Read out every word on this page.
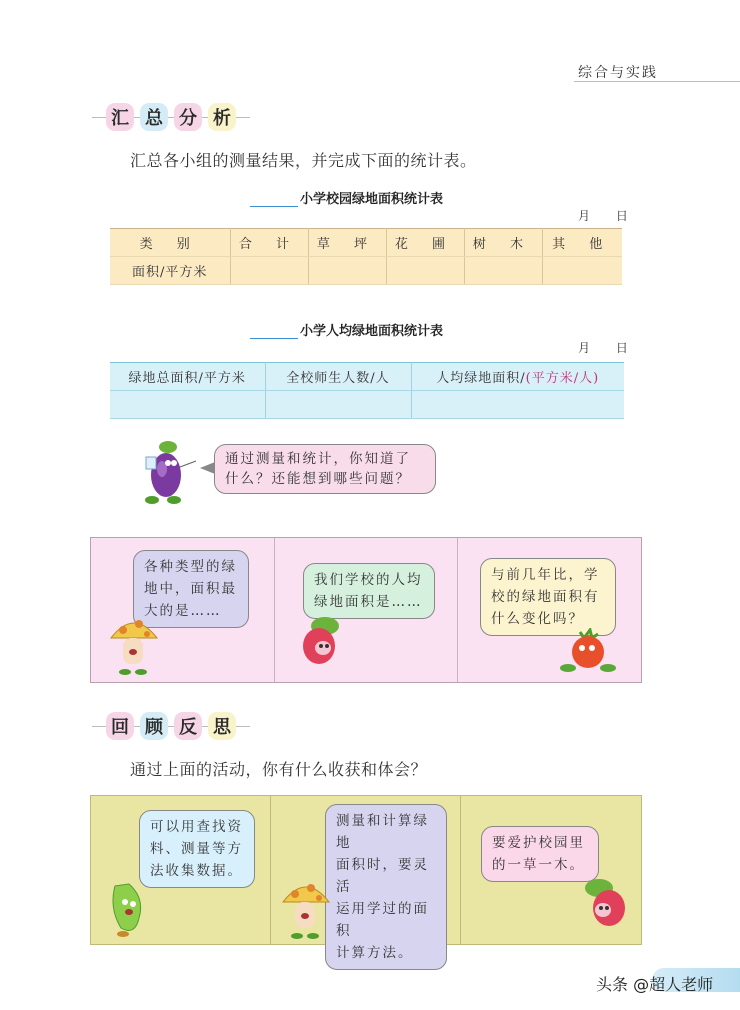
综合与实践
汇 总 分 析
汇总各小组的测量结果，并完成下面的统计表。
小学校园绿地面积统计表
月 日
类 别	合 计	草 坪	花 圃	树 木	其 他
面积/平方米					
小学人均绿地面积统计表
月 日
绿地总面积/平方米	全校师生人数/人	人均绿地面积/(平方米/人)

通过测量和统计，你知道了
什么？还能想到哪些问题？
各种类型的绿
地中，面积最
大的是……
我们学校的人均
绿地面积是……
与前几年比，学
校的绿地面积有
什么变化吗？
回 顾 反 思
通过上面的活动，你有什么收获和体会？
可以用查找资
料、测量等方
法收集数据。
测量和计算绿地
面积时，要灵活
运用学过的面积
计算方法。
要爱护校园里
的一草一木。
头条 @超人老师
